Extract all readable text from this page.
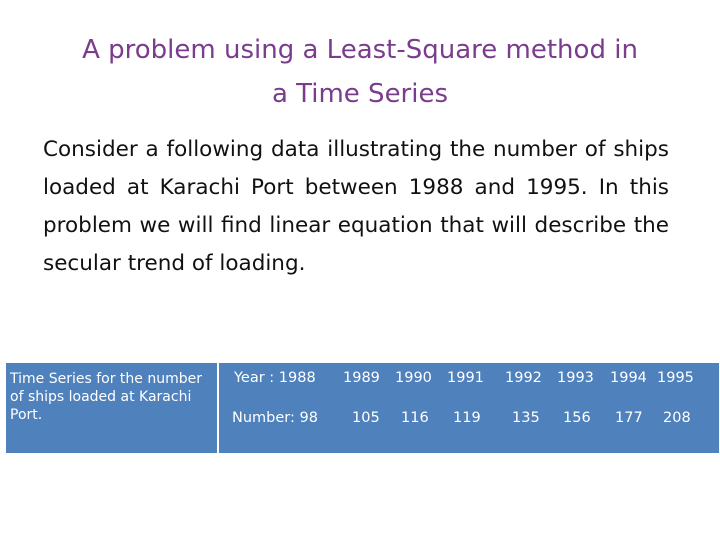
A problem using a Least-Square method in
a Time Series
Consider a following data illustrating the number of ships loaded at Karachi Port between 1988 and 1995. In this problem we will find linear equation that will describe the secular trend of loading.
Time Series for the number of ships loaded at Karachi Port.	
Year : 1988 1989 1990 1991 1992 1993 1994 1995
Number: 98 105 116 119 135 156 177 208
